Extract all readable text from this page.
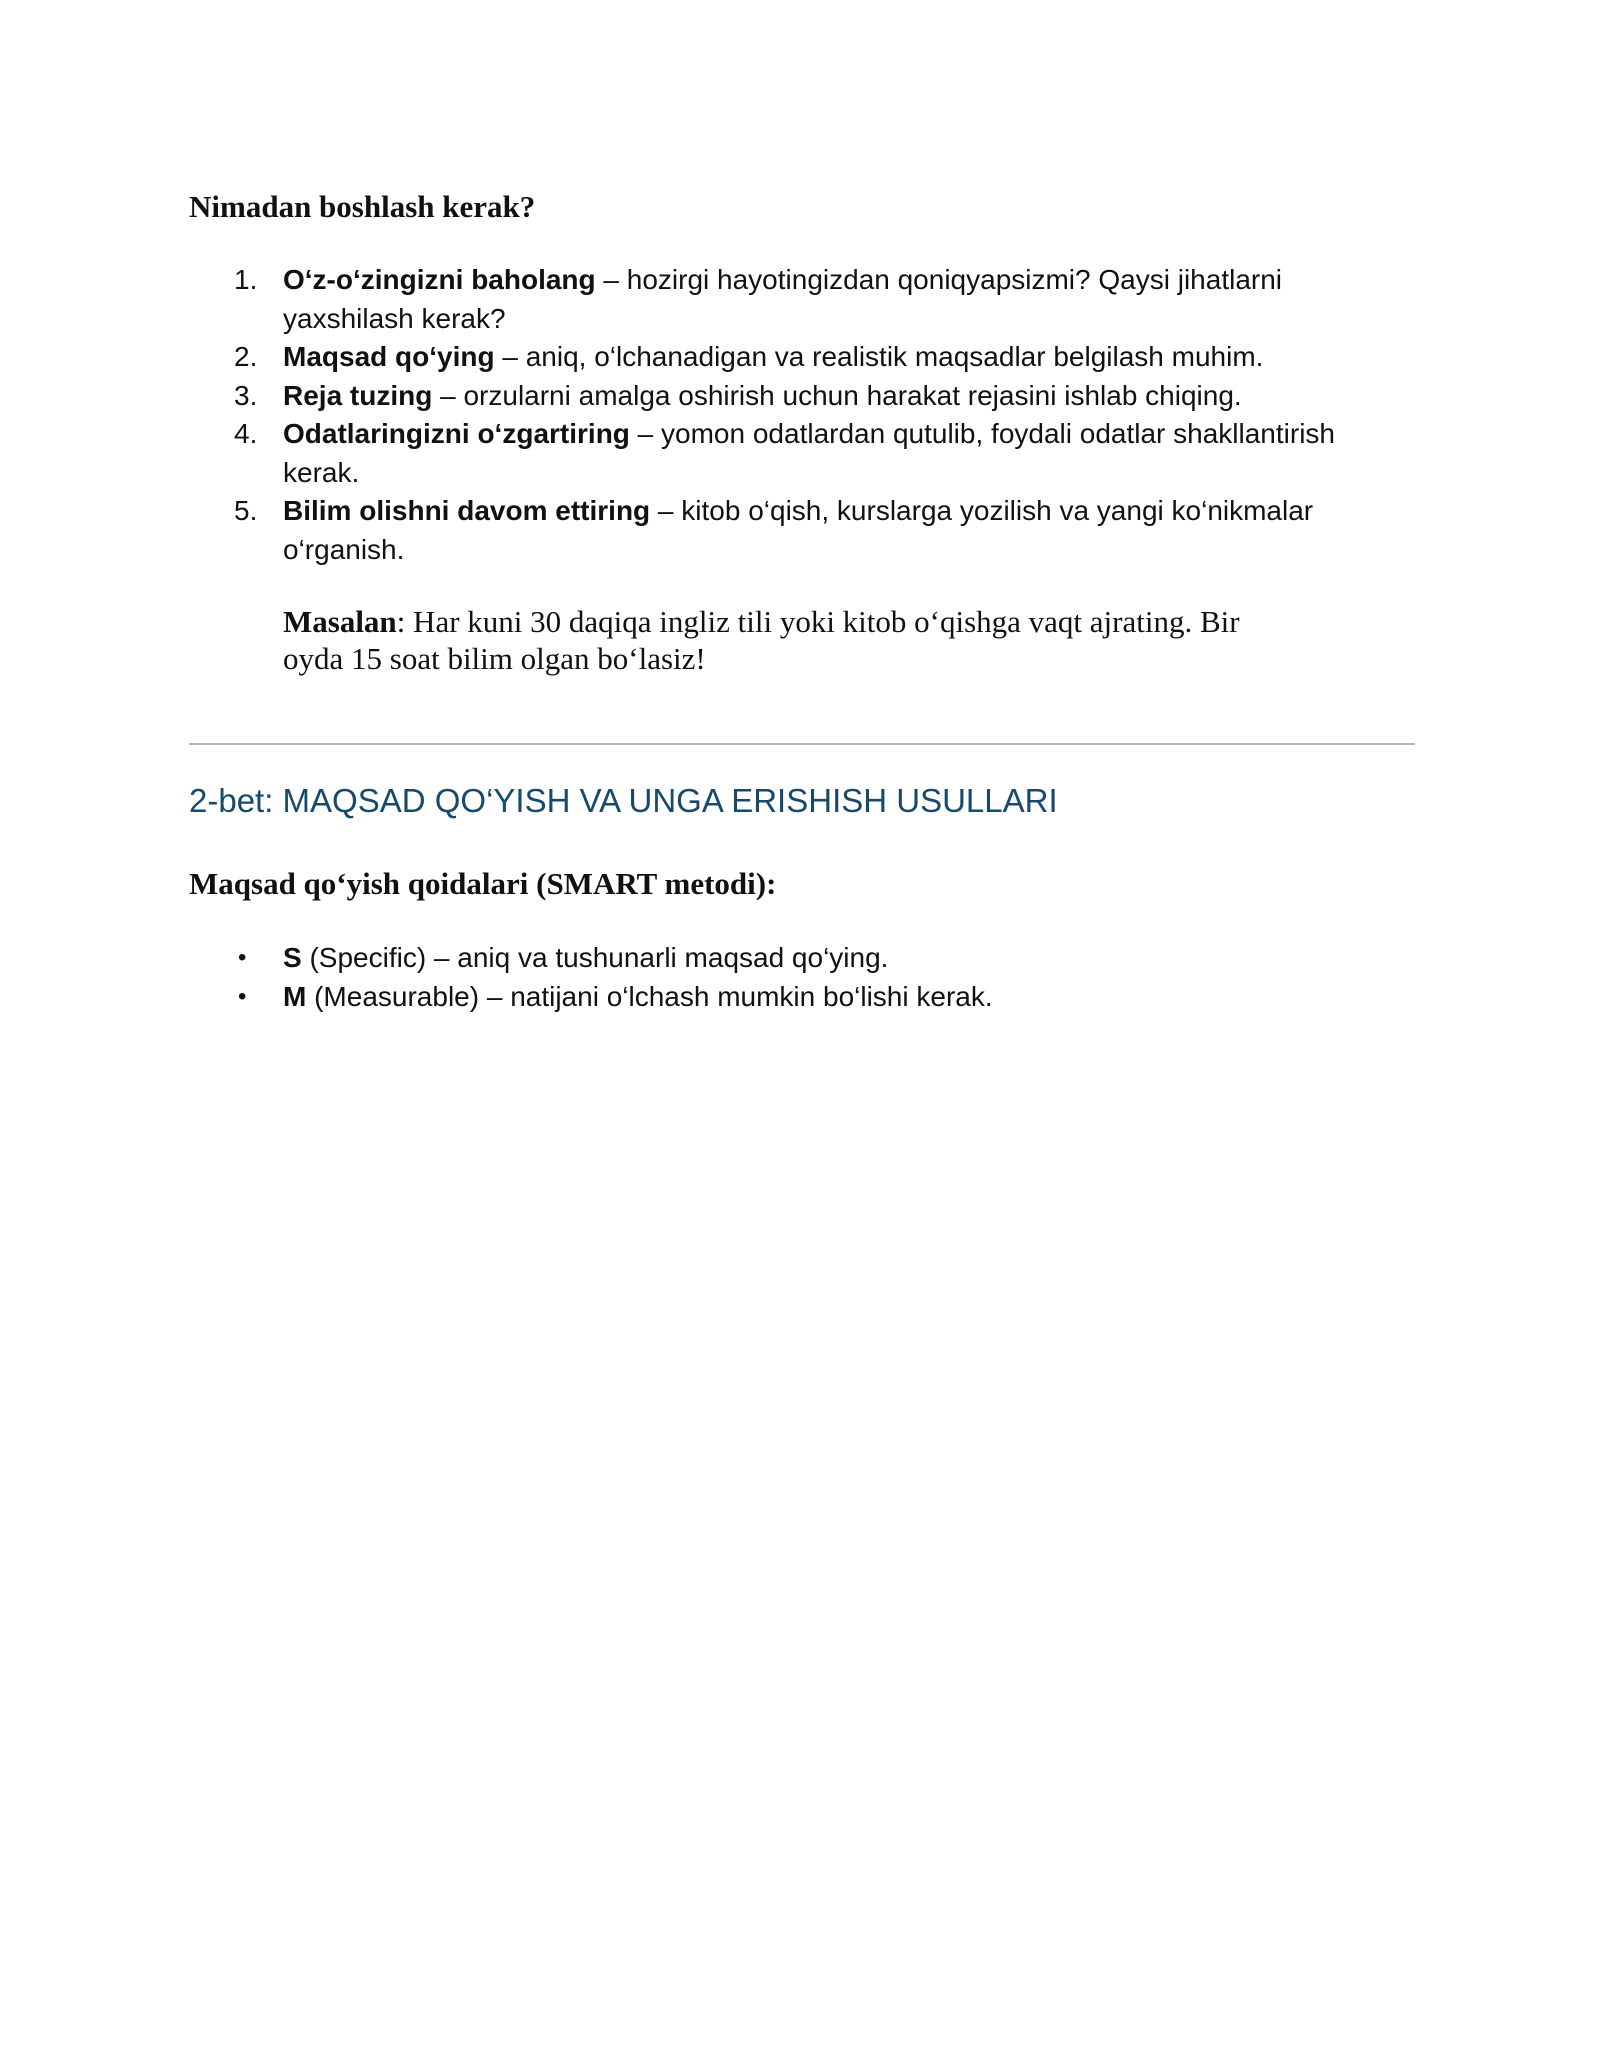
Nimadan boshlash kerak?
1. O‘z-o‘zingizni baholang – hozirgi hayotingizdan qoniqyapsizmi? Qaysi jihatlarni yaxshilash kerak?
2. Maqsad qo‘ying – aniq, o‘lchanadigan va realistik maqsadlar belgilash muhim.
3. Reja tuzing – orzularni amalga oshirish uchun harakat rejasini ishlab chiqing.
4. Odatlaringizni o‘zgartiring – yomon odatlardan qutulib, foydali odatlar shakllantirish kerak.
5. Bilim olishni davom ettiring – kitob o‘qish, kurslarga yozilish va yangi ko‘nikmalar o‘rganish.

Masalan: Har kuni 30 daqiqa ingliz tili yoki kitob o‘qishga vaqt ajrating. Bir oyda 15 soat bilim olgan bo‘lasiz!

2-bet: MAQSAD QO‘YISH VA UNGA ERISHISH USULLARI
Maqsad qo‘yish qoidalari (SMART metodi):
• S (Specific) – aniq va tushunarli maqsad qo‘ying.
• M (Measurable) – natijani o‘lchash mumkin bo‘lishi kerak.
